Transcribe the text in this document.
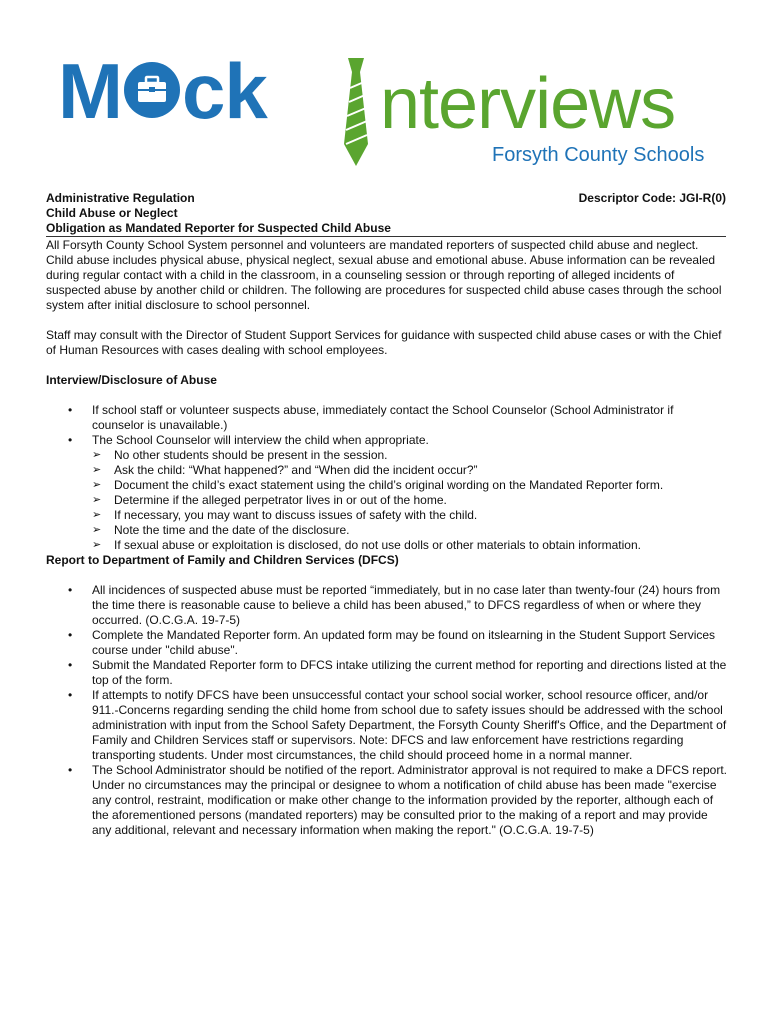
M ck nterviews
Forsyth County Schools
Administrative Regulation
Child Abuse or Neglect
Obligation as Mandated Reporter for Suspected Child Abuse
Descriptor Code: JGI-R(0)

All Forsyth County School System personnel and volunteers are mandated reporters of suspected child abuse and neglect. Child abuse includes physical abuse, physical neglect, sexual abuse and emotional abuse. Abuse information can be revealed during regular contact with a child in the classroom, in a counseling session or through reporting of alleged incidents of suspected abuse by another child or children. The following are procedures for suspected child abuse cases through the school system after initial disclosure to school personnel.

Staff may consult with the Director of Student Support Services for guidance with suspected child abuse cases or with the Chief of Human Resources with cases dealing with school employees.

Interview/Disclosure of Abuse
• If school staff or volunteer suspects abuse, immediately contact the School Counselor (School Administrator if counselor is unavailable.)
• The School Counselor will interview the child when appropriate.
➢ No other students should be present in the session.
➢ Ask the child: “What happened?” and “When did the incident occur?”
➢ Document the child’s exact statement using the child’s original wording on the Mandated Reporter form.
➢ Determine if the alleged perpetrator lives in or out of the home.
➢ If necessary, you may want to discuss issues of safety with the child.
➢ Note the time and the date of the disclosure.
➢ If sexual abuse or exploitation is disclosed, do not use dolls or other materials to obtain information.
Report to Department of Family and Children Services (DFCS)
• All incidences of suspected abuse must be reported “immediately, but in no case later than twenty-four (24) hours from the time there is reasonable cause to believe a child has been abused,” to DFCS regardless of when or where they occurred. (O.C.G.A. 19-7-5)
• Complete the Mandated Reporter form. An updated form may be found on itslearning in the Student Support Services course under "child abuse".
• Submit the Mandated Reporter form to DFCS intake utilizing the current method for reporting and directions listed at the top of the form.
• If attempts to notify DFCS have been unsuccessful contact your school social worker, school resource officer, and/or 911.-Concerns regarding sending the child home from school due to safety issues should be addressed with the school administration with input from the School Safety Department, the Forsyth County Sheriff's Office, and the Department of Family and Children Services staff or supervisors. Note: DFCS and law enforcement have restrictions regarding transporting students. Under most circumstances, the child should proceed home in a normal manner.
• The School Administrator should be notified of the report. Administrator approval is not required to make a DFCS report. Under no circumstances may the principal or designee to whom a notification of child abuse has been made "exercise any control, restraint, modification or make other change to the information provided by the reporter, although each of the aforementioned persons (mandated reporters) may be consulted prior to the making of a report and may provide any additional, relevant and necessary information when making the report." (O.C.G.A. 19-7-5)
